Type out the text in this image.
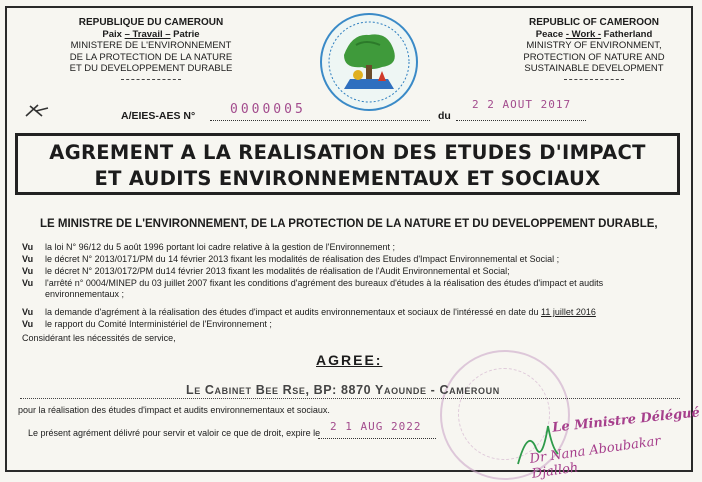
REPUBLIQUE DU CAMEROUN
Paix – Travail – Patrie
MINISTERE DE L'ENVIRONNEMENT
DE LA PROTECTION DE LA NATURE
ET DU DEVELOPPEMENT DURABLE
REPUBLIC OF CAMEROON
Peace - Work - Fatherland
MINISTRY OF ENVIRONMENT,
PROTECTION OF NATURE AND
SUSTAINABLE DEVELOPMENT
A/EIES-AES N°	0000005	du
2 2 AOUT 2017
AGREMENT A LA REALISATION DES ETUDES D'IMPACT
ET AUDITS ENVIRONNEMENTAUX ET SOCIAUX
LE MINISTRE DE L'ENVIRONNEMENT, DE LA PROTECTION DE LA NATURE ET DU DEVELOPPEMENT DURABLE,
Vu	la loi N° 96/12 du 5 août 1996 portant loi cadre relative à la gestion de l'Environnement ;
Vu	le décret N° 2013/0171/PM du 14 février 2013 fixant les modalités de réalisation des Etudes d'Impact Environnemental et Social ;
Vu	le décret N° 2013/0172/PM du14 février 2013 fixant les modalités de réalisation de l'Audit Environnemental et Social;
Vu	l'arrêté n° 0004/MINEP du 03 juillet 2007 fixant les conditions d'agrément des bureaux d'études à la réalisation des études d'impact et audits environnementaux ;
Vu	la demande d'agrément à la réalisation des études d'impact et audits environnementaux et sociaux de l'intéressé en date du 11 juillet 2016
Vu	le rapport du Comité Interministériel de l'Environnement ;
Considérant les nécessités de service,
AGREE:
Le Cabinet Bee Rse, BP: 8870 Yaounde - Cameroun
pour la réalisation des études d'impact et audits environnementaux et sociaux.
Le présent agrément délivré pour servir et valoir ce que de droit, expire le 2 1 AUG 2022	Le Ministre Délégué
Dr Nana Aboubakar Djalloh
